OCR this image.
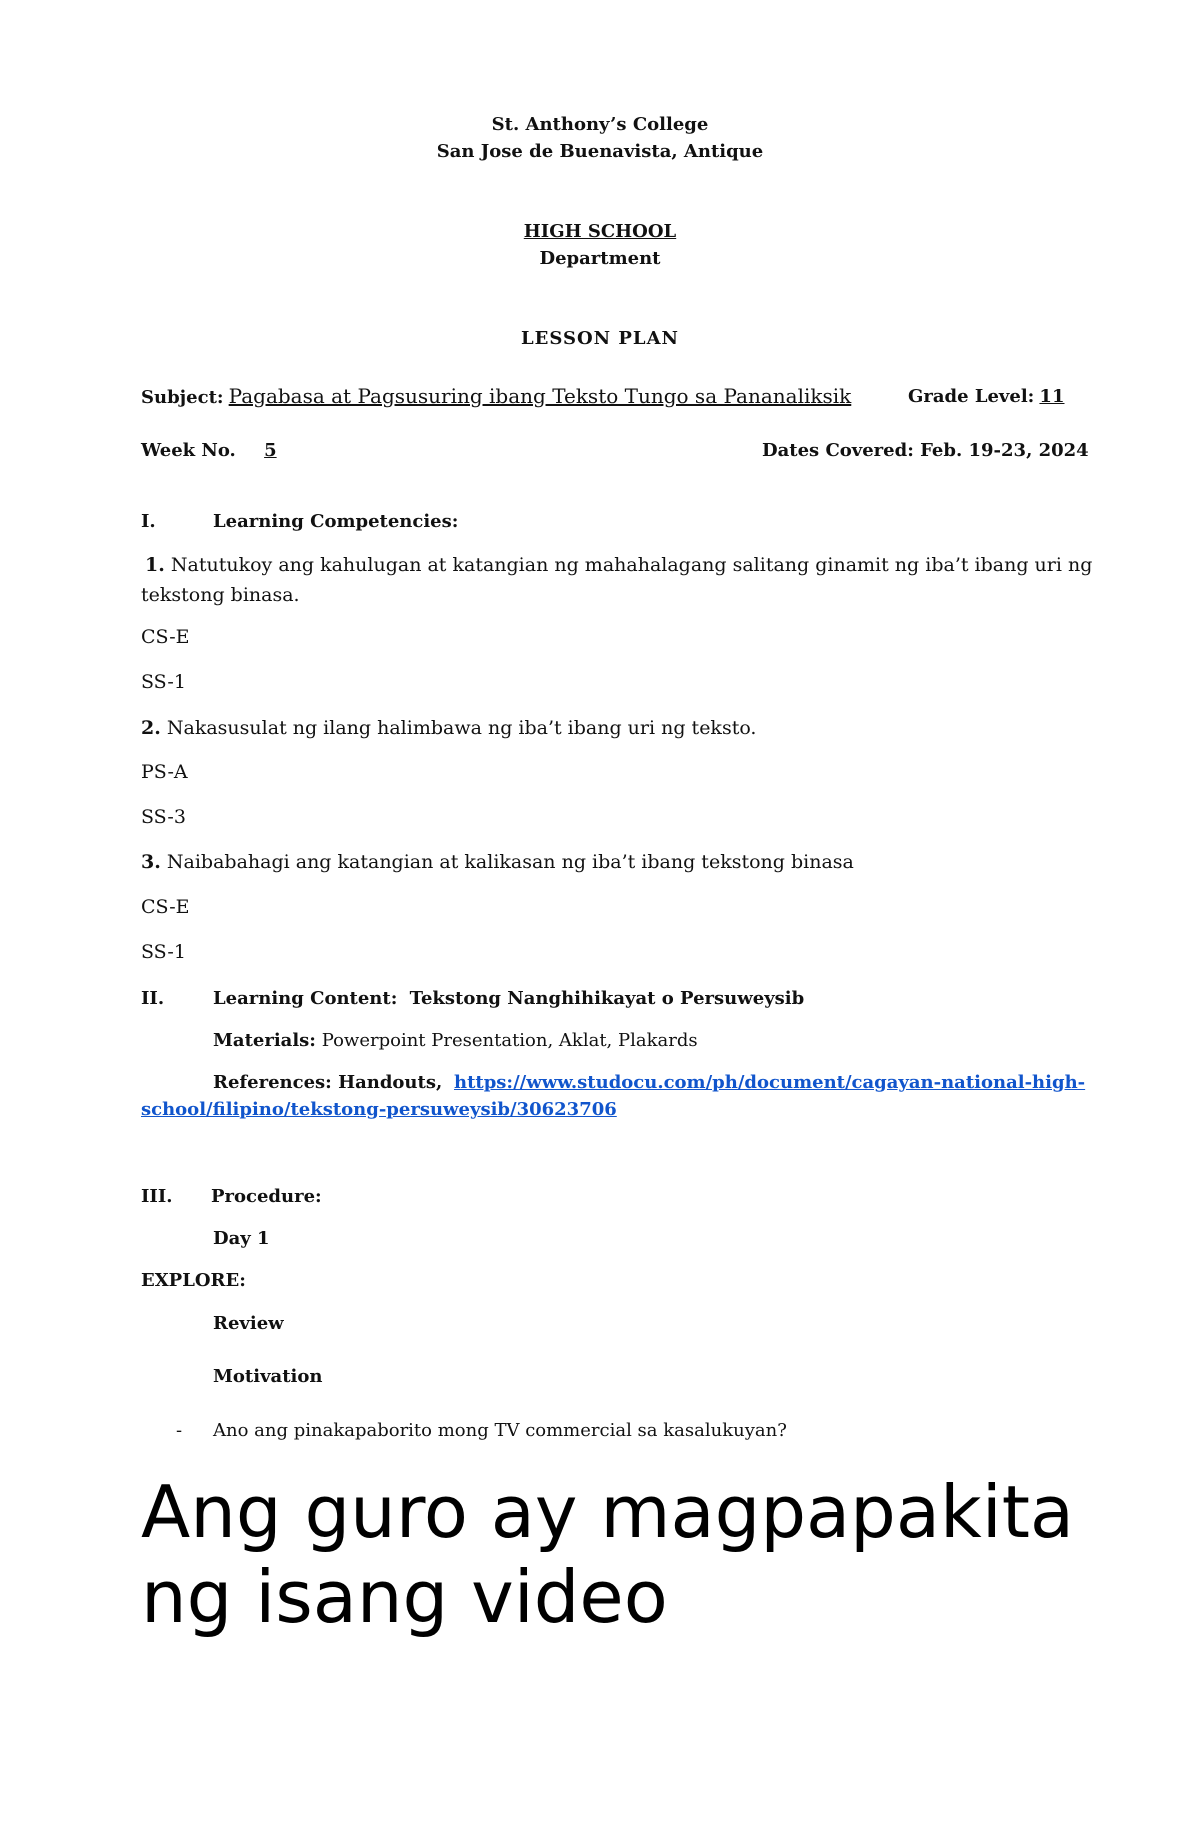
St. Anthony’s College
San Jose de Buenavista, Antique
HIGH SCHOOL
Department
LESSON PLAN
Subject: Pagabasa at Pagsusuring ibang Teksto Tungo sa Pananaliksik	Grade Level: 11
Week No. 5	Dates Covered: Feb. 19-23, 2024
I.	Learning Competencies:
1. Natutukoy ang kahulugan at katangian ng mahahalagang salitang ginamit ng iba’t ibang uri ng
tekstong binasa.
CS-E
SS-1
2. Nakasusulat ng ilang halimbawa ng iba’t ibang uri ng teksto.
PS-A
SS-3
3. Naibabahagi ang katangian at kalikasan ng iba’t ibang tekstong binasa
CS-E
SS-1
II.	Learning Content: Tekstong Nanghihikayat o Persuweysib
Materials: Powerpoint Presentation, Aklat, Plakards
References: Handouts, https://www.studocu.com/ph/document/cagayan-national-high-
school/filipino/tekstong-persuweysib/30623706
III. Procedure:
Day 1
EXPLORE:
Review
Motivation
- Ano ang pinakapaborito mong TV commercial sa kasalukuyan?
Ang guro ay magpapakita
ng isang video
